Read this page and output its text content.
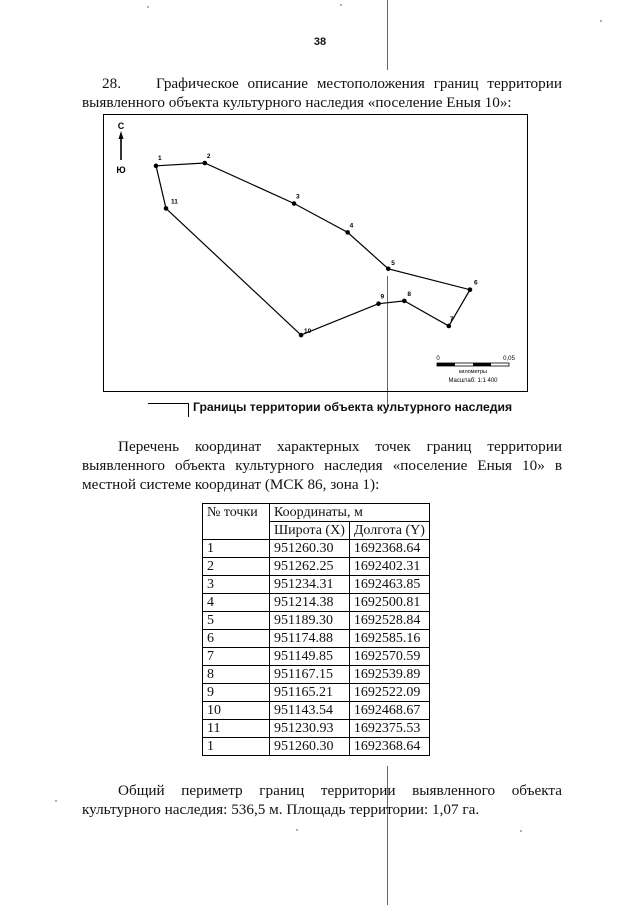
38
28. Графическое описание местоположения границ территории выявленного объекта культурного наследия «поселение Еныя 10»:
С
Ю
1	2
3
4
5
6
7
8
9
10
11
0	0,05
километры
Масштаб: 1:1 400
Границы территории объекта культурного наследия
Перечень координат характерных точек границ территории выявленного объекта культурного наследия «поселение Еныя 10» в местной системе координат (МСК 86, зона 1):
№ точки	Координаты, м	
	Широта (X)	Долгота (Y)
1	951260.30	1692368.64
2	951262.25	1692402.31
3	951234.31	1692463.85
4	951214.38	1692500.81
5	951189.30	1692528.84
6	951174.88	1692585.16
7	951149.85	1692570.59
8	951167.15	1692539.89
9	951165.21	1692522.09
10	951143.54	1692468.67
11	951230.93	1692375.53
1	951260.30	1692368.64
Общий периметр границ территории выявленного объекта культурного наследия: 536,5 м. Площадь территории: 1,07 га.
